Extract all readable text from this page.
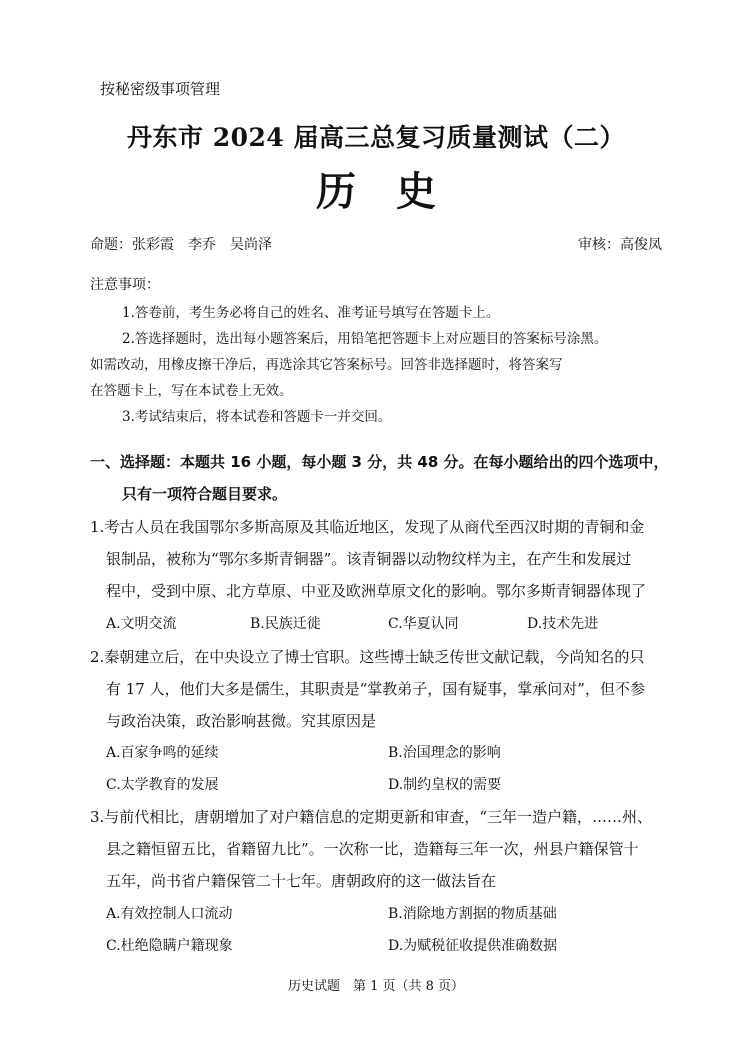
按秘密级事项管理
丹东市 2024 届高三总复习质量测试（二）
历史
命题：张彩霞　李乔　吴尚泽	审核：高俊凤
注意事项：
1.答卷前，考生务必将自己的姓名、准考证号填写在答题卡上。
2.答选择题时，选出每小题答案后，用铅笔把答题卡上对应题目的答案标号涂黑。
如需改动，用橡皮擦干净后，再选涂其它答案标号。回答非选择题时，将答案写
在答题卡上，写在本试卷上无效。
3.考试结束后，将本试卷和答题卡一并交回。
一、选择题：本题共 16 小题，每小题 3 分，共 48 分。在每小题给出的四个选项中，
只有一项符合题目要求。
1.考古人员在我国鄂尔多斯高原及其临近地区，发现了从商代至西汉时期的青铜和金
银制品，被称为“鄂尔多斯青铜器”。该青铜器以动物纹样为主，在产生和发展过
程中，受到中原、北方草原、中亚及欧洲草原文化的影响。鄂尔多斯青铜器体现了
A.文明交流	B.民族迁徙	C.华夏认同	D.技术先进
2.秦朝建立后，在中央设立了博士官职。这些博士缺乏传世文献记载，今尚知名的只
有 17 人，他们大多是儒生，其职责是“掌教弟子，国有疑事，掌承问对”，但不参
与政治决策，政治影响甚微。究其原因是
A.百家争鸣的延续	B.治国理念的影响
C.太学教育的发展	D.制约皇权的需要
3.与前代相比，唐朝增加了对户籍信息的定期更新和审查，“三年一造户籍，……州、
县之籍恒留五比，省籍留九比”。一次称一比，造籍每三年一次，州县户籍保管十
五年，尚书省户籍保管二十七年。唐朝政府的这一做法旨在
A.有效控制人口流动	B.消除地方割据的物质基础
C.杜绝隐瞒户籍现象	D.为赋税征收提供准确数据
历史试题　第 1 页（共 8 页）
